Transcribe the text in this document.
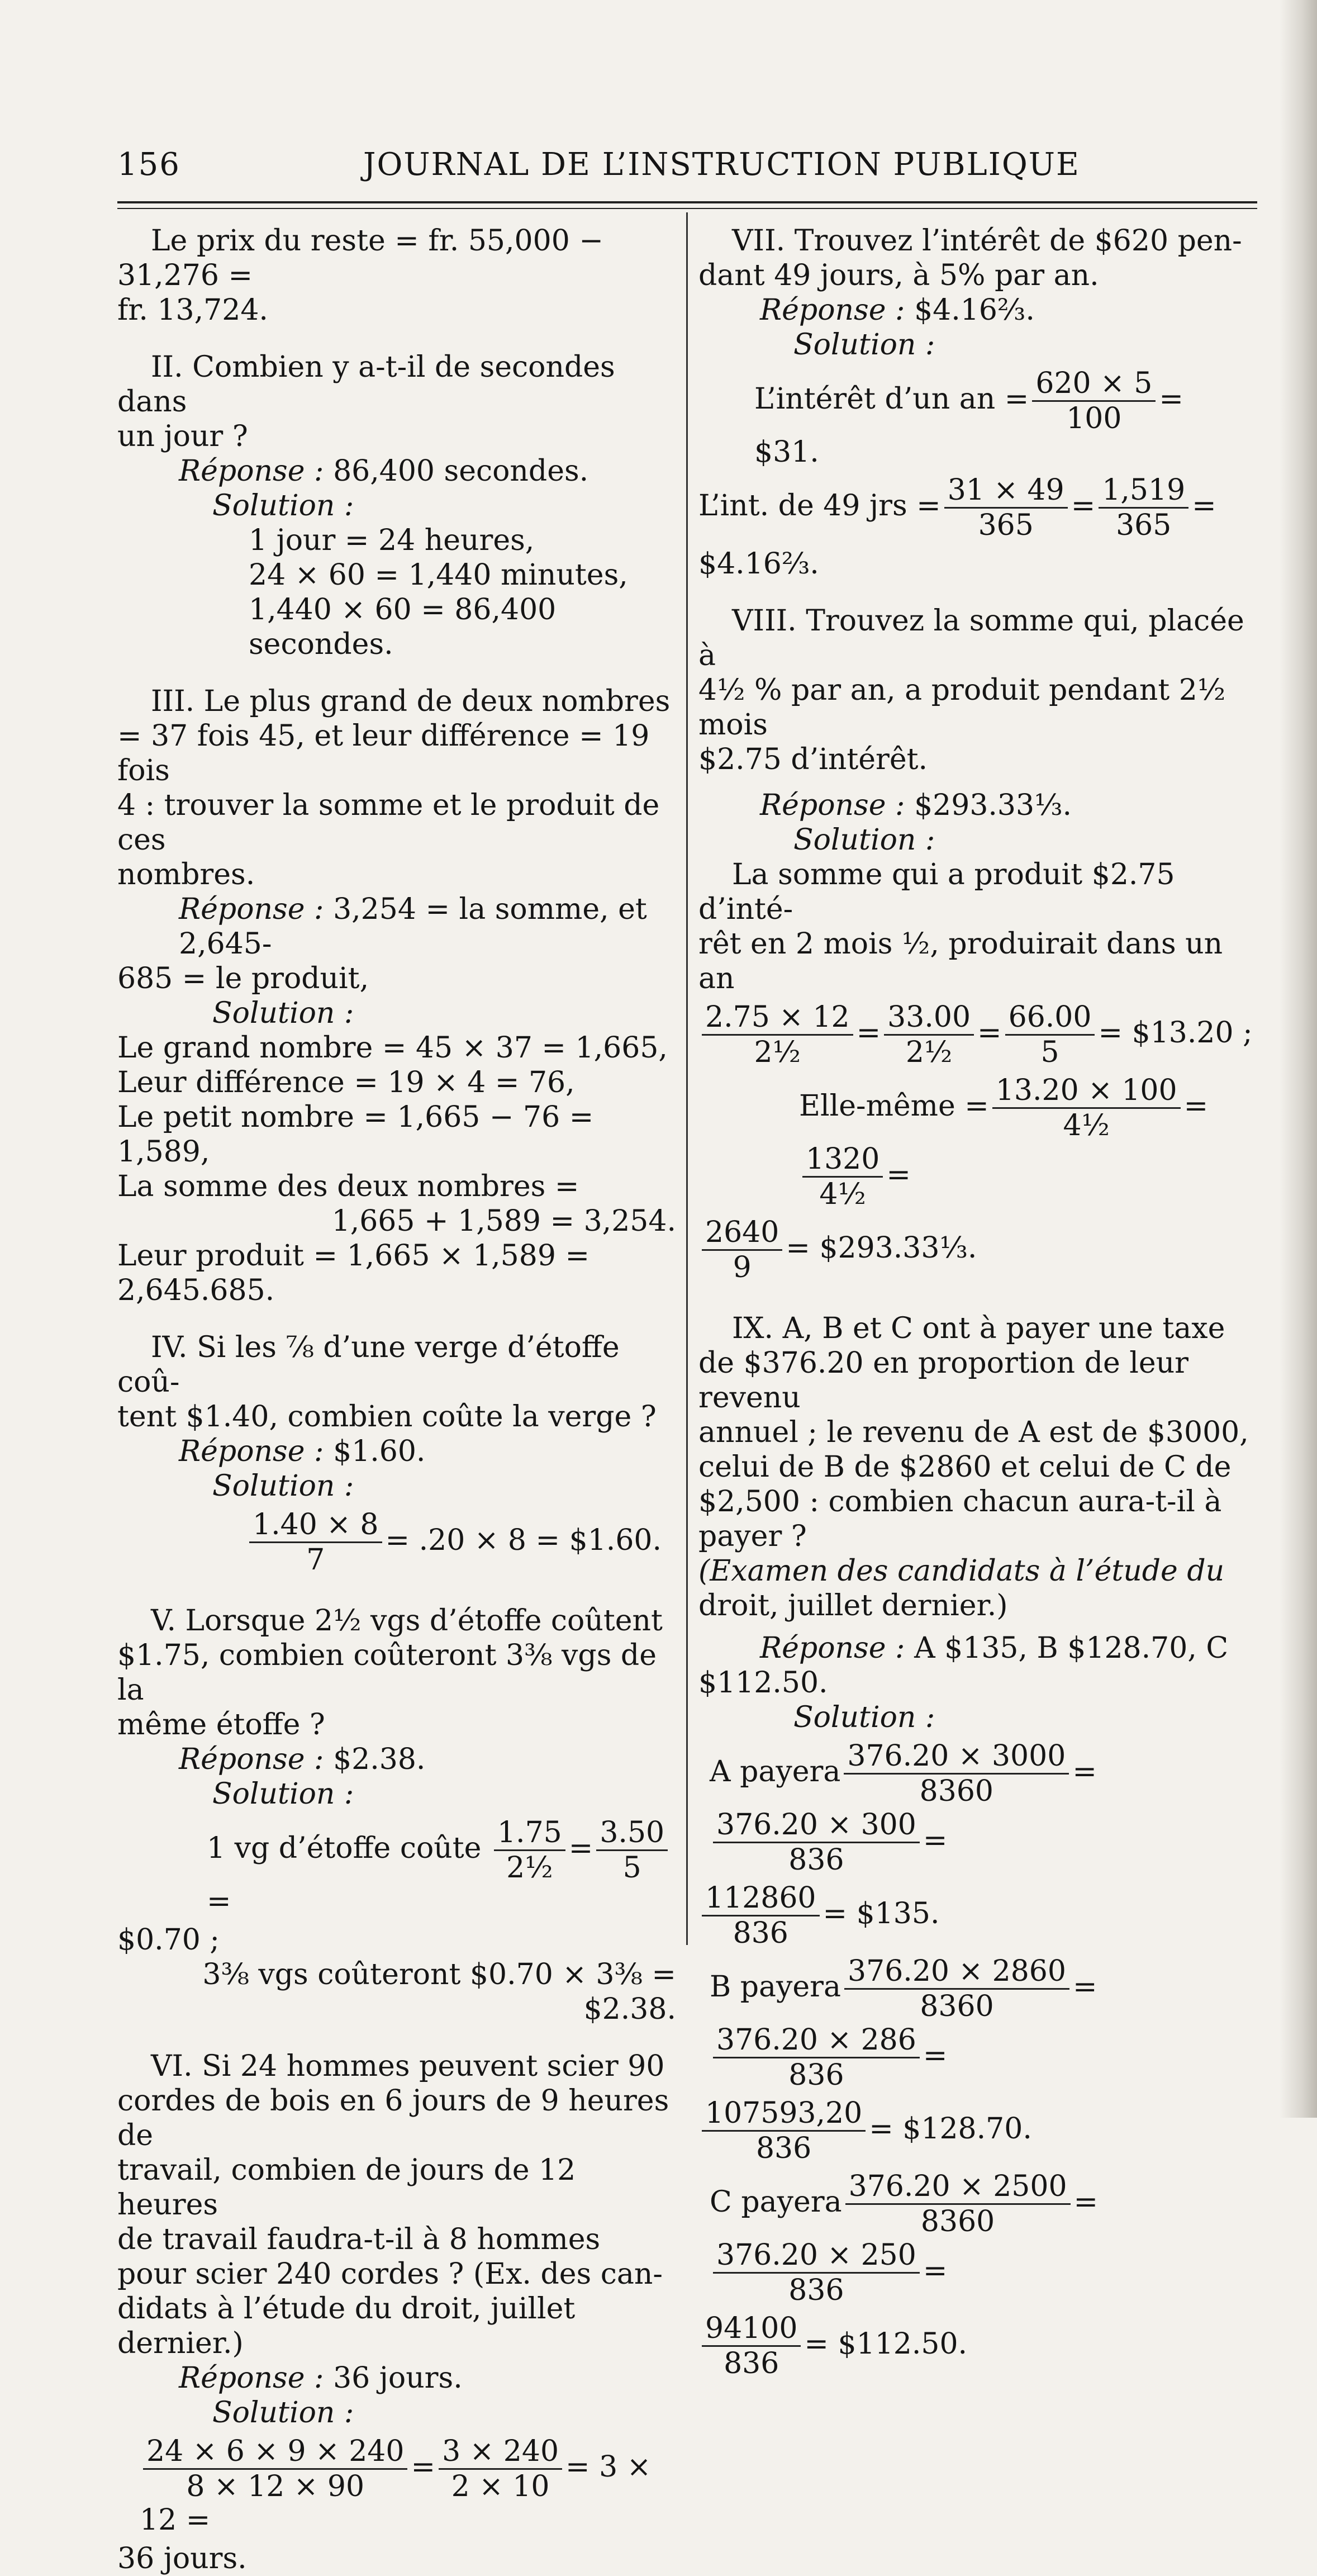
156	JOURNAL DE L’INSTRUCTION PUBLIQUE

Le prix du reste = fr. 55,000 − 31,276 =

fr. 13,724.

II. Combien y a-t-il de secondes dans

un jour ?

Réponse : 86,400 secondes.

Solution :

1 jour = 24 heures,

24 × 60 = 1,440 minutes,

1,440 × 60 = 86,400 secondes.

III. Le plus grand de deux nombres

= 37 fois 45, et leur différence = 19 fois

4 : trouver la somme et le produit de ces

nombres.

Réponse : 3,254 = la somme, et 2,645-

685 = le produit,

Solution :

Le grand nombre = 45 × 37 = 1,665,

Leur différence = 19 × 4 = 76,

Le petit nombre = 1,665 − 76 = 1,589,

La somme des deux nombres =

1,665 + 1,589 = 3,254.

Leur produit = 1,665 × 1,589 = 2,645.685.

IV. Si les ⅞ d’une verge d’étoffe coû-

tent $1.40, combien coûte la verge ?

Réponse : $1.60.

Solution :

$\frac{1.40 \times 8}{7} = .20 \times 8$ = $1.60.

V. Lorsque 2½ vgs d’étoffe coûtent

$1.75, combien coûteront 3⅜ vgs de la

même étoffe ?

Réponse : $2.38.

Solution :

1 vg d’étoffe coûte $\frac{1.75}{\text{2½}} = \frac{3.50}{5}$
=

$0.70 ;

3⅜ vgs coûteront $0.70 × 3⅜ = $2.38.

VI. Si 24 hommes peuvent scier 90

cordes de bois en 6 jours de 9 heures de

travail, combien de jours de 12 heures

de travail faudra-t-il à 8 hommes

pour scier 240 cordes ? (Ex. des can-

didats à l’étude du droit, juillet dernier.)

Réponse : 36 jours.

Solution :

$\frac{24 \times 6 \times 9 \times 240}{8 \times 12 \times 90} = \frac{3 \times 240}{2 \times 10} = 3 \times 12$ =

36 jours.

VII. Trouvez l’intérêt de $620 pen-

dant 49 jours, à 5% par an.

Réponse : $4.16⅔.

Solution :

L’intérêt d’un an = $\frac{620 \times 5}{100}$ = $31.
L’int. de 49 jrs = $\frac{31 \times 49}{365} = \frac{1,519}{365}$ =

$4.16⅔.

VIII. Trouvez la somme qui, placée à

4½ % par an, a produit pendant 2½ mois

$2.75 d’intérêt.

Réponse : $293.33⅓.

Solution :

La somme qui a produit $2.75 d’inté-

rêt en 2 mois ½, produirait dans un an

$\frac{2.75 \times 12}{\text{2½}} = \frac{33.00}{\text{2½}} = \frac{66.00}{5}$ = $13.20 ;
Elle-même = $\frac{13.20 \times 100}{\text{4½}}$ =
$\frac{1320}{\text{4½}}$ =
$\frac{2640}{9}$ = $293.33⅓.

IX. A, B et C ont à payer une taxe

de $376.20 en proportion de leur revenu

annuel ; le revenu de A est de $3000,

celui de B de $2860 et celui de C de

$2,500 : combien chacun aura-t-il à payer ?

(Examen des candidats à l’étude du

droit, juillet dernier.)

Réponse : A $135, B $128.70, C

$112.50.

Solution :

A payera $\frac{376.20 \times 3000}{8360}$ =
$\frac{376.20 \times 300}{836}$ =
$\frac{112860}{836}$ = $135.
B payera $\frac{376.20 \times 2860}{8360}$ =
$\frac{376.20 \times 286}{836}$ =
$\frac{107593,20}{836}$ = $128.70.
C payera $\frac{376.20 \times 2500}{8360}$ =
$\frac{376.20 \times 250}{836}$ =
$\frac{94100}{836}$ = $112.50.
